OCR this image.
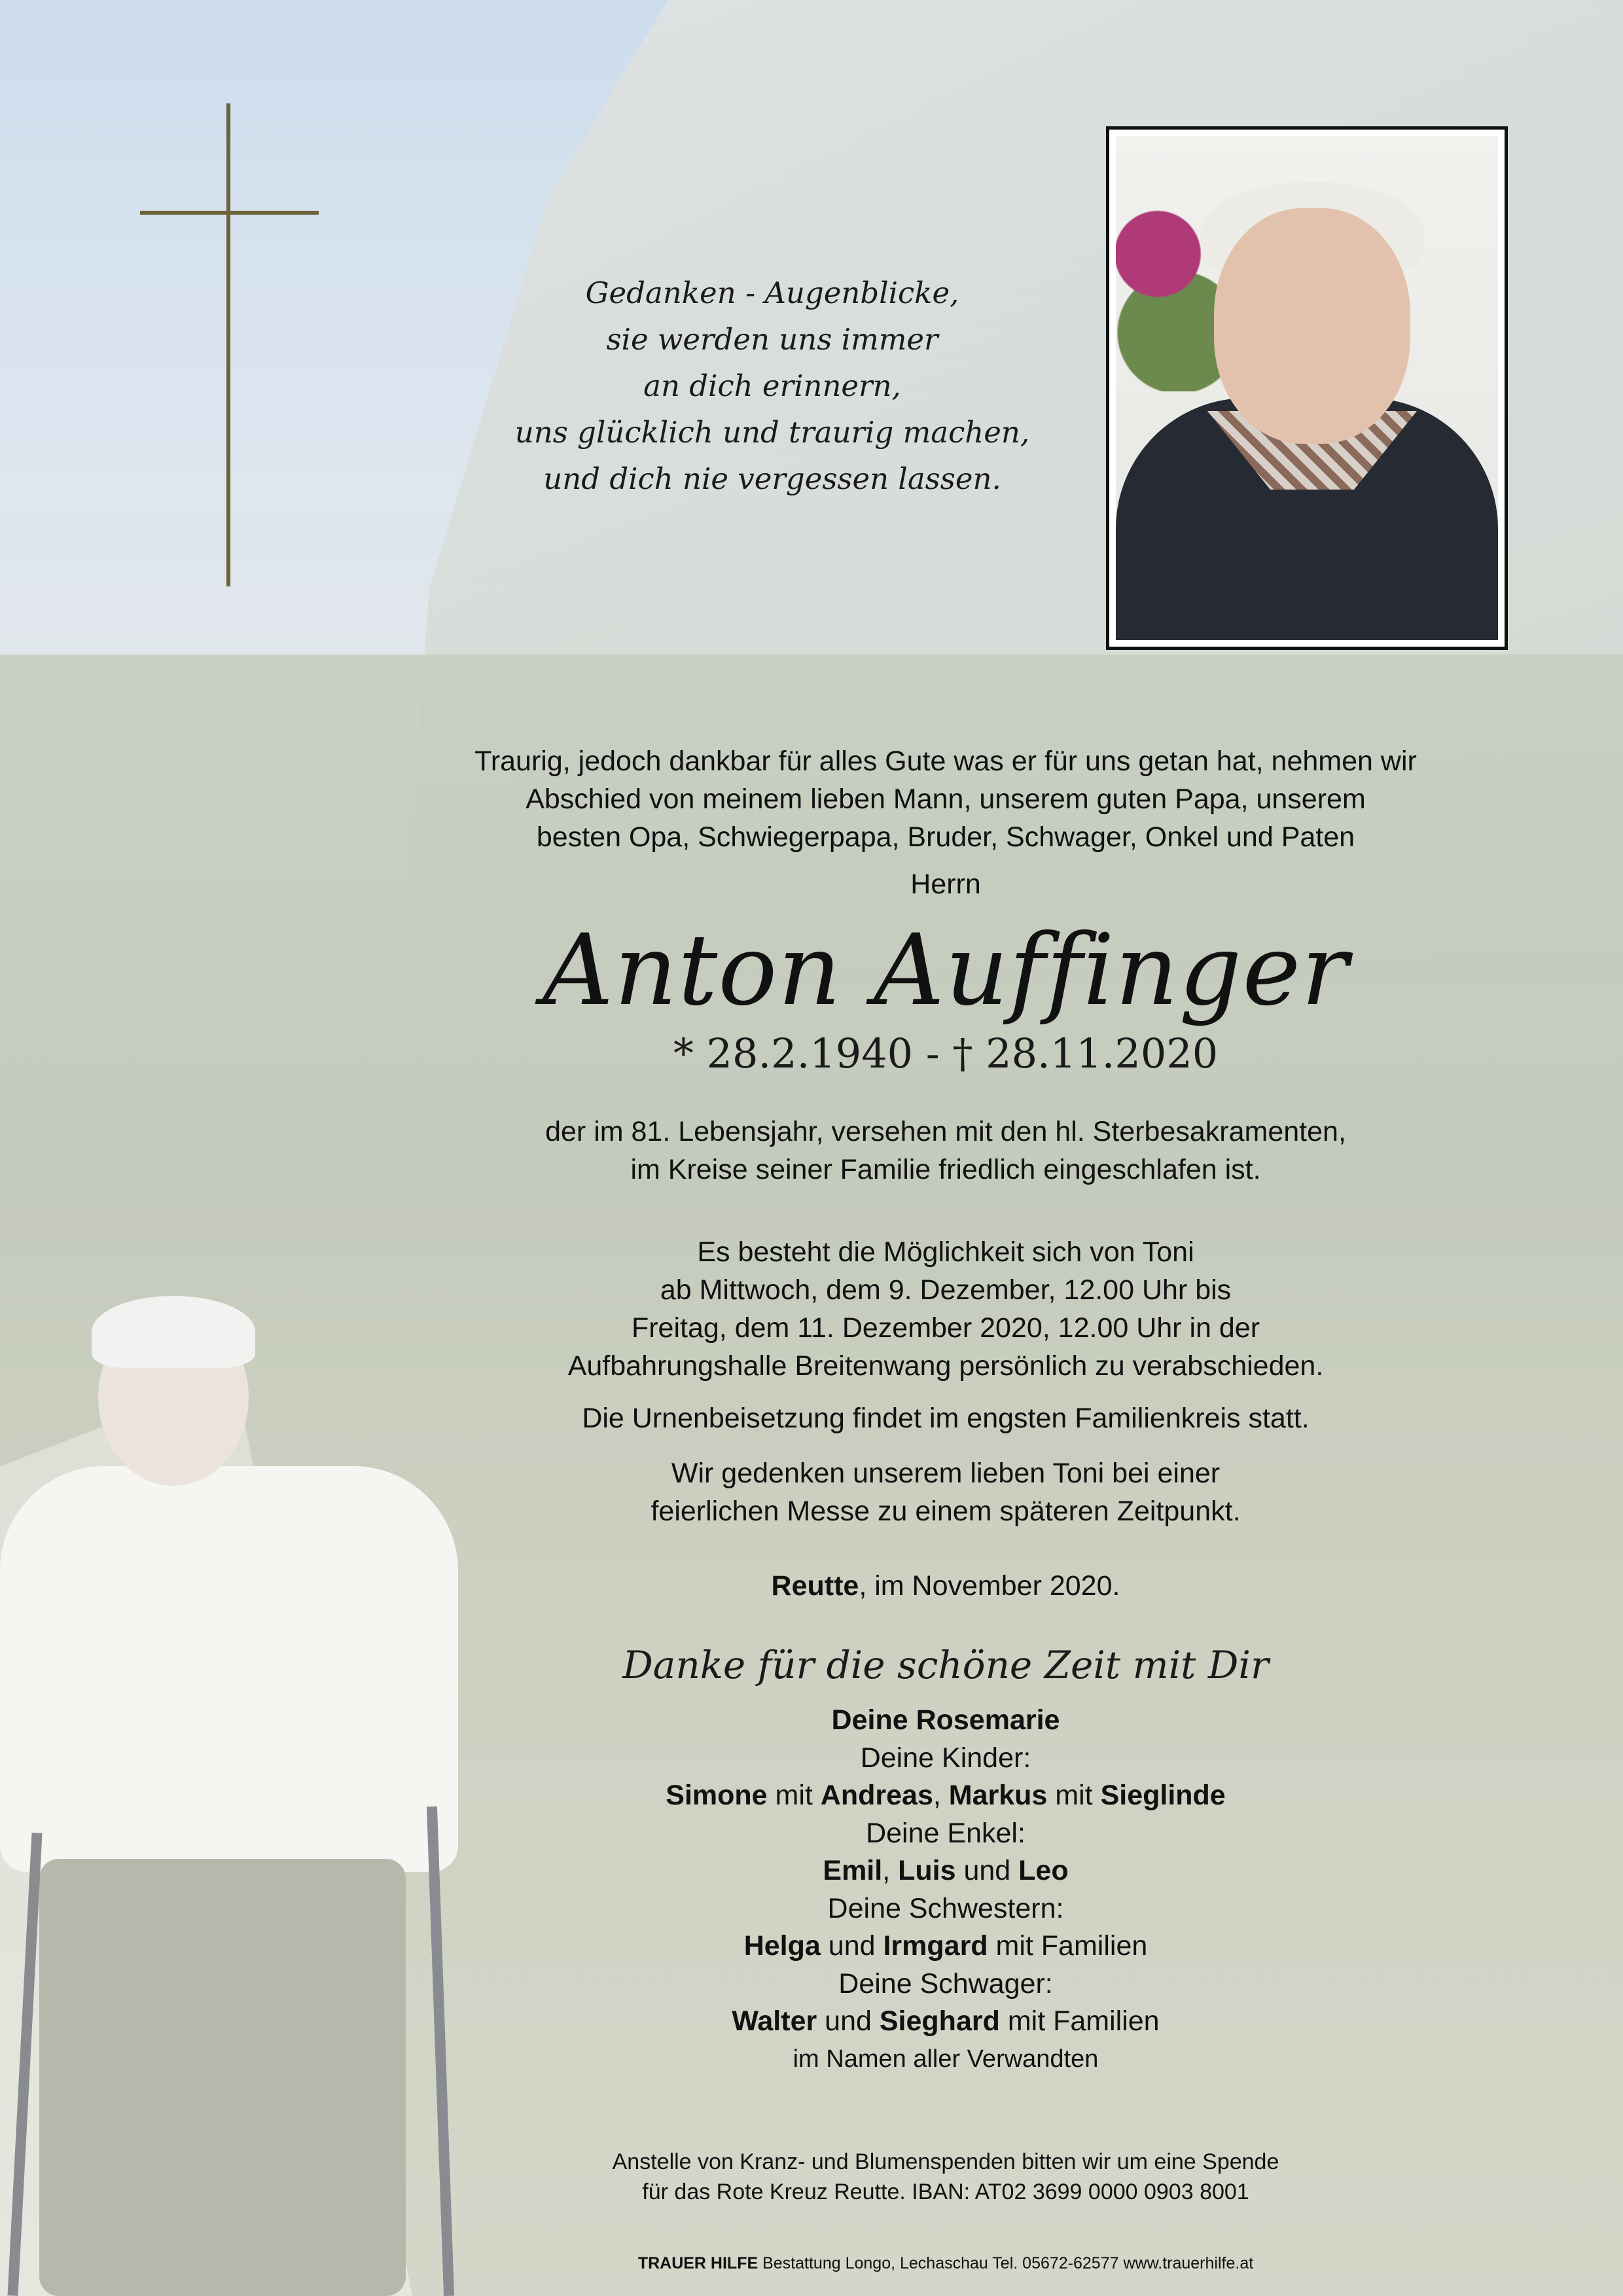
Gedanken - Augenblicke,
sie werden uns immer
an dich erinnern,
uns glücklich und traurig machen,
und dich nie vergessen lassen.

Traurig, jedoch dankbar für alles Gute was er für uns getan hat, nehmen wir

Abschied von meinem lieben Mann, unserem guten Papa, unserem

besten Opa, Schwiegerpapa, Bruder, Schwager, Onkel und Paten

Herrn
Anton Auffinger
* 28.2.1940 - † 28.11.2020

der im 81. Lebensjahr, versehen mit den hl. Sterbesakramenten,

im Kreise seiner Familie friedlich eingeschlafen ist.

Es besteht die Möglichkeit sich von Toni

ab Mittwoch, dem 9. Dezember, 12.00 Uhr bis

Freitag, dem 11. Dezember 2020, 12.00 Uhr in der

Aufbahrungshalle Breitenwang persönlich zu verabschieden.

Die Urnenbeisetzung findet im engsten Familienkreis statt.

Wir gedenken unserem lieben Toni bei einer

feierlichen Messe zu einem späteren Zeitpunkt.

Reutte, im November 2020.
Danke für die schöne Zeit mit Dir

Deine Rosemarie

Deine Kinder:

Simone mit Andreas, Markus mit Sieglinde

Deine Enkel:

Emil, Luis und Leo

Deine Schwestern:

Helga und Irmgard mit Familien

Deine Schwager:

Walter und Sieghard mit Familien

im Namen aller Verwandten

Anstelle von Kranz- und Blumenspenden bitten wir um eine Spende

für das Rote Kreuz Reutte. IBAN: AT02 3699 0000 0903 8001

TRAUER HILFE Bestattung Longo, Lechaschau Tel. 05672-62577 www.trauerhilfe.at
